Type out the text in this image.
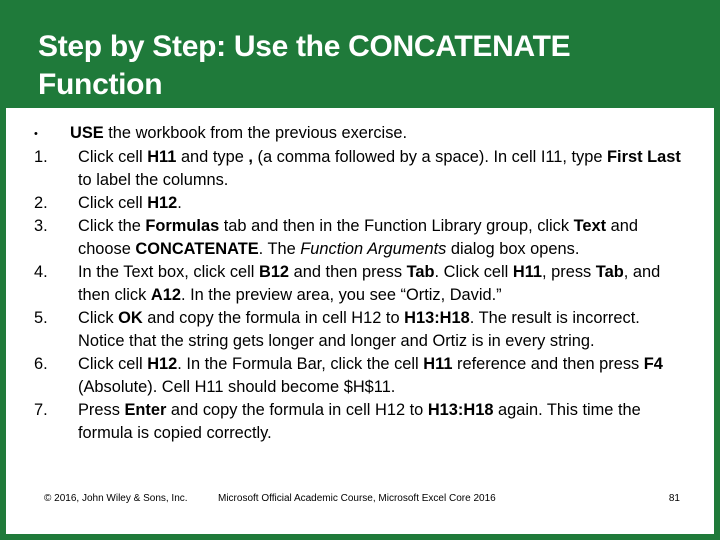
Step by Step: Use the CONCATENATE Function
•	USE the workbook from the previous exercise.
1.	Click cell H11 and type , (a comma followed by a space). In cell I11, type First Last to label the columns.
2.	Click cell H12.
3.	Click the Formulas tab and then in the Function Library group, click Text and choose CONCATENATE. The Function Arguments dialog box opens.
4.	In the Text box, click cell B12 and then press Tab. Click cell H11, press Tab, and then click A12. In the preview area, you see “Ortiz, David.”
5.	Click OK and copy the formula in cell H12 to H13:H18. The result is incorrect. Notice that the string gets longer and longer and Ortiz is in every string.
6.	Click cell H12. In the Formula Bar, click the cell H11 reference and then press F4 (Absolute). Cell H11 should become $H$11.
7.	Press Enter and copy the formula in cell H12 to H13:H18 again. This time the formula is copied correctly.
© 2016, John Wiley & Sons, Inc.	Microsoft Official Academic Course, Microsoft Excel Core 2016	81
